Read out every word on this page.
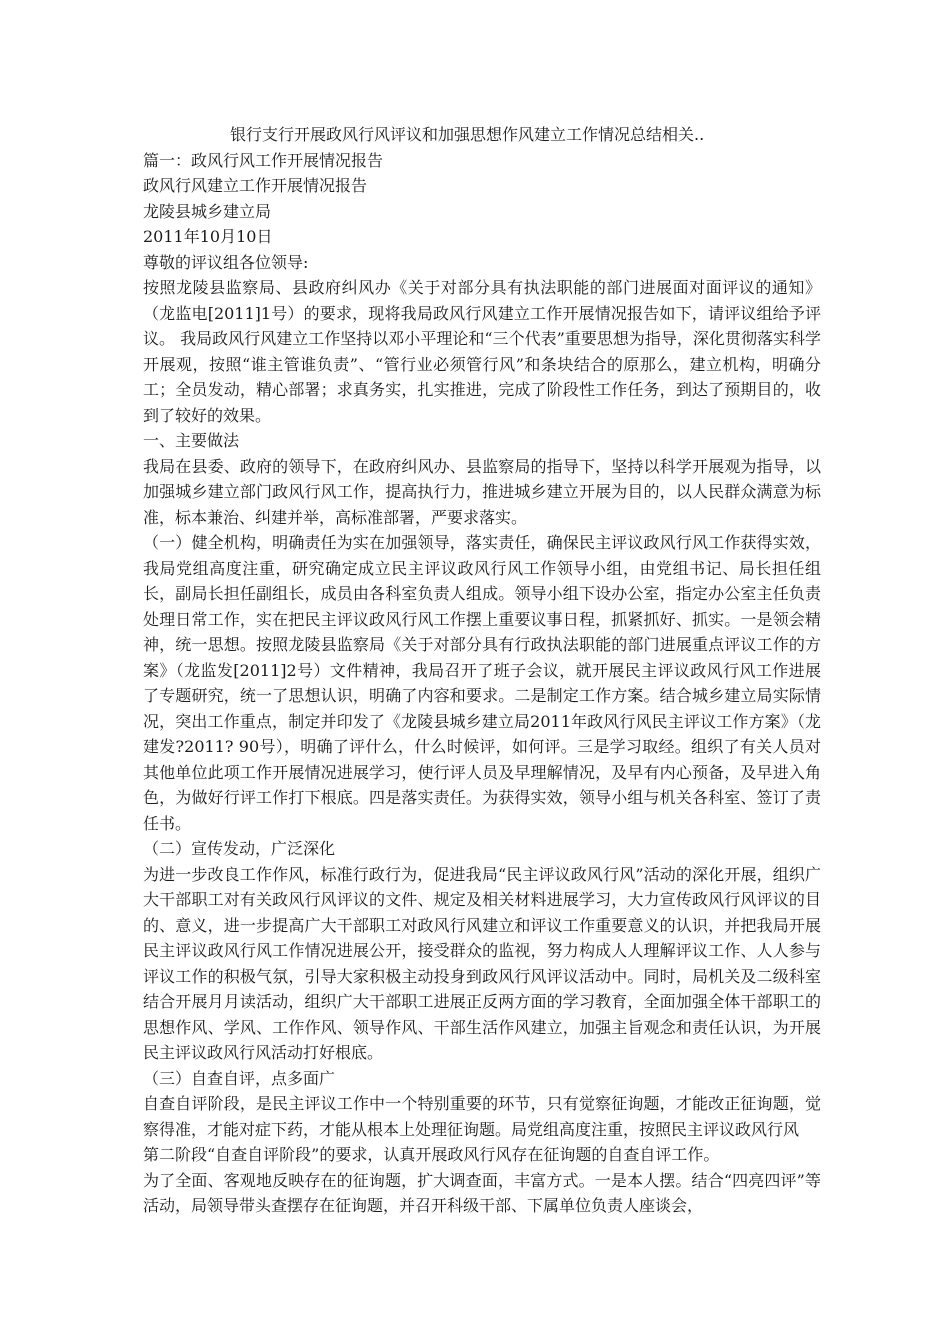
银行支行开展政风行风评议和加强思想作风建立工作情况总结相关..

篇一：政风行风工作开展情况报告

政风行风建立工作开展情况报告

龙陵县城乡建立局

2011年10月10日

尊敬的评议组各位领导:

按照龙陵县监察局、县政府纠风办《关于对部分具有执法职能的部门进展面对面评议的通知》（龙监电[2011]1号）的要求，现将我局政风行风建立工作开展情况报告如下，请评议组给予评议。 我局政风行风建立工作坚持以邓小平理论和“三个代表”重要思想为指导，深化贯彻落实科学开展观，按照“谁主管谁负责”、“管行业必须管行风”和条块结合的原那么，建立机构，明确分工；全员发动，精心部署；求真务实，扎实推进，完成了阶段性工作任务，到达了预期目的，收到了较好的效果。

一、主要做法

我局在县委、政府的领导下，在政府纠风办、县监察局的指导下，坚持以科学开展观为指导，以加强城乡建立部门政风行风工作，提高执行力，推进城乡建立开展为目的，以人民群众满意为标准，标本兼治、纠建并举，高标准部署，严要求落实。

（一）健全机构，明确责任为实在加强领导，落实责任，确保民主评议政风行风工作获得实效，我局党组高度注重，研究确定成立民主评议政风行风工作领导小组，由党组书记、局长担任组长，副局长担任副组长，成员由各科室负责人组成。领导小组下设办公室，指定办公室主任负责处理日常工作，实在把民主评议政风行风工作摆上重要议事日程，抓紧抓好、抓实。一是领会精神，统一思想。按照龙陵县监察局《关于对部分具有行政执法职能的部门进展重点评议工作的方案》（龙监发[2011]2号）文件精神，我局召开了班子会议，就开展民主评议政风行风工作进展了专题研究，统一了思想认识，明确了内容和要求。二是制定工作方案。结合城乡建立局实际情况，突出工作重点，制定并印发了《龙陵县城乡建立局2011年政风行风民主评议工作方案》（龙建发?2011? 90号），明确了评什么，什么时候评，如何评。三是学习取经。组织了有关人员对其他单位此项工作开展情况进展学习，使行评人员及早理解情况，及早有内心预备，及早进入角色，为做好行评工作打下根底。四是落实责任。为获得实效，领导小组与机关各科室、签订了责任书。

（二）宣传发动，广泛深化

为进一步改良工作作风，标准行政行为，促进我局“民主评议政风行风”活动的深化开展，组织广大干部职工对有关政风行风评议的文件、规定及相关材料进展学习，大力宣传政风行风评议的目的、意义，进一步提高广大干部职工对政风行风建立和评议工作重要意义的认识，并把我局开展民主评议政风行风工作情况进展公开，接受群众的监视，努力构成人人理解评议工作、人人参与评议工作的积极气氛，引导大家积极主动投身到政风行风评议活动中。同时，局机关及二级科室结合开展月月读活动，组织广大干部职工进展正反两方面的学习教育，全面加强全体干部职工的思想作风、学风、工作作风、领导作风、干部生活作风建立，加强主旨观念和责任认识，为开展民主评议政风行风活动打好根底。

（三）自查自评，点多面广

自查自评阶段，是民主评议工作中一个特别重要的环节，只有觉察征询题，才能改正征询题，觉察得准，才能对症下药，才能从根本上处理征询题。局党组高度注重，按照民主评议政风行风

第二阶段“自查自评阶段”的要求，认真开展政风行风存在征询题的自查自评工作。

为了全面、客观地反映存在的征询题，扩大调查面，丰富方式。一是本人摆。结合“四亮四评”等活动，局领导带头查摆存在征询题，并召开科级干部、下属单位负责人座谈会，
